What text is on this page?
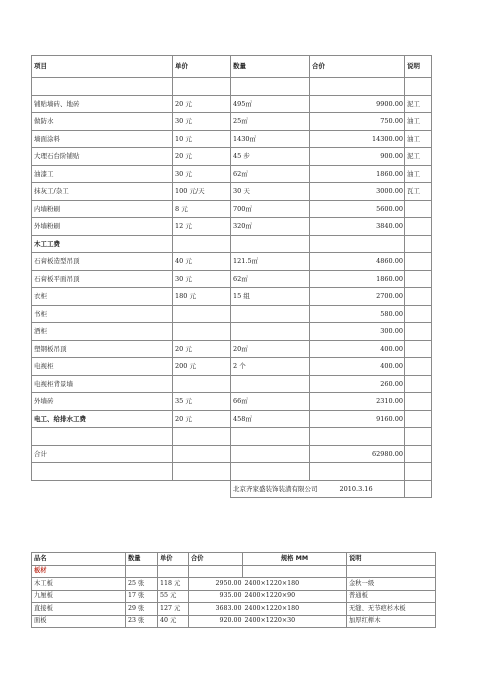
项目	单价	数量	合价	说明

铺贴墙砖、地砖	20 元	495㎡	9900.00	泥工
做防水	30 元	25㎡	750.00	油工
墙面涂料	10 元	1430㎡	14300.00	油工
大理石台阶铺贴	20 元	45 步	900.00	泥工
油漆工	30 元	62㎡	1860.00	油工
抹灰工/杂工	100 元/天	30 天	3000.00	瓦工
内墙粉刷	8 元	700㎡	5600.00	
外墙粉刷	12 元	320㎡	3840.00	
木工工费				
石膏板造型吊顶	40 元	121.5㎡	4860.00	
石膏板平面吊顶	30 元	62㎡	1860.00	
衣柜	180 元	15 组	2700.00	
书柜			580.00	
酒柜			300.00	
塑钢板吊顶	20 元	20㎡	400.00	
电视柜	200 元	2 个	400.00	
电视柜背景墙			260.00	
外墙砖	35 元	66㎡	2310.00	
电工、给排水工费	20 元	458㎡	9160.00	

合计			62980.00	

		北京齐家盛装饰装潢有限公司 2010.3.16		
品名	数量	单价	合价	规格 MM	说明
板材					
木工板	25 张	118 元	2950.00	2400×1220×180	金秋一级
九厘板	17 张	55 元	935.00	2400×1220×90	普通板
直接板	29 张	127 元	3683.00	2400×1220×180	无缝、无节疤杉木板
面板	23 张	40 元	920.00	2400×1220×30	加厚红榉木
